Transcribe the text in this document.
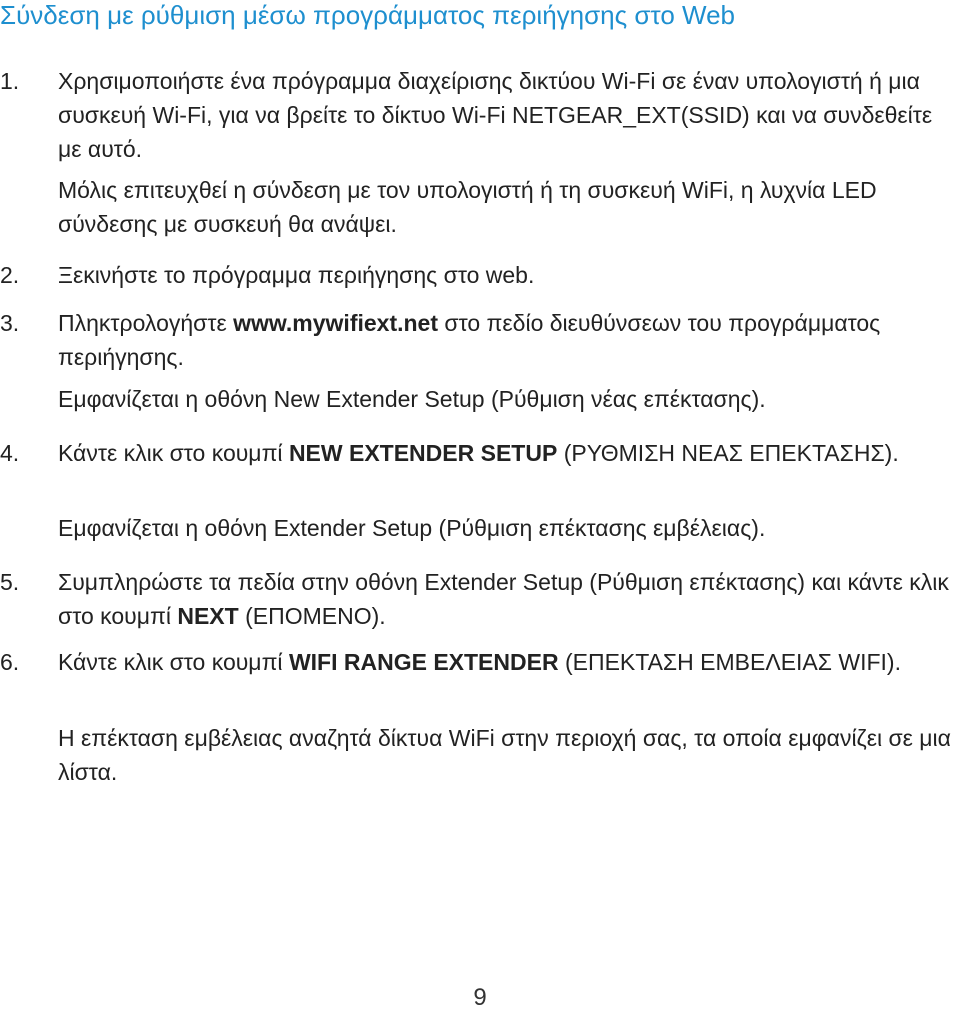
Σύνδεση με ρύθμιση μέσω προγράμματος περιήγησης στο Web
1.	Χρησιμοποιήστε ένα πρόγραμμα διαχείρισης δικτύου Wi-Fi σε έναν υπολογιστή ή μια συσκευή Wi-Fi, για να βρείτε το δίκτυο Wi-Fi NETGEAR_EXT(SSID) και να συνδεθείτε με αυτό.
Μόλις επιτευχθεί η σύνδεση με τον υπολογιστή ή τη συσκευή WiFi, η λυχνία LED σύνδεσης με συσκευή θα ανάψει.
2.	Ξεκινήστε το πρόγραμμα περιήγησης στο web.
3.	Πληκτρολογήστε www.mywifiext.net στο πεδίο διευθύνσεων του προγράμματος περιήγησης.
Εμφανίζεται η οθόνη New Extender Setup (Ρύθμιση νέας επέκτασης).
4.	Κάντε κλικ στο κουμπί NEW EXTENDER SETUP (ΡΥΘΜΙΣΗ ΝΕΑΣ ΕΠΕΚΤΑΣΗΣ).
Εμφανίζεται η οθόνη Extender Setup (Ρύθμιση επέκτασης εμβέλειας).
5.	Συμπληρώστε τα πεδία στην οθόνη Extender Setup (Ρύθμιση επέκτασης) και κάντε κλικ στο κουμπί NEXT (ΕΠΟΜΕΝΟ).
6.	Κάντε κλικ στο κουμπί WIFI RANGE EXTENDER (ΕΠΕΚΤΑΣΗ ΕΜΒΕΛΕΙΑΣ WIFI).
Η επέκταση εμβέλειας αναζητά δίκτυα WiFi στην περιοχή σας, τα οποία εμφανίζει σε μια λίστα.
9
